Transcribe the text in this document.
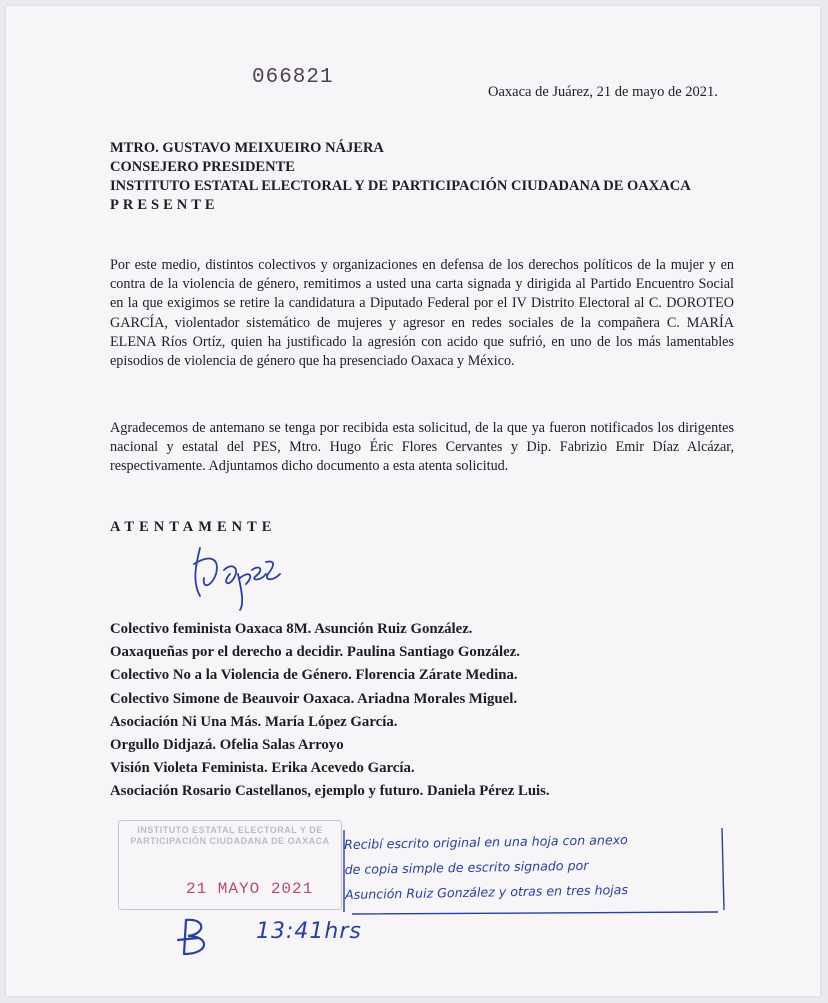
066821
Oaxaca de Juárez, 21 de mayo de 2021.
MTRO. GUSTAVO MEIXUEIRO NÁJERA
CONSEJERO PRESIDENTE
INSTITUTO ESTATAL ELECTORAL Y DE PARTICIPACIÓN CIUDADANA DE OAXACA
PRESENTE
Por este medio, distintos colectivos y organizaciones en defensa de los derechos políticos de la mujer y en contra de la violencia de género, remitimos a usted una carta signada y dirigida al Partido Encuentro Social en la que exigimos se retire la candidatura a Diputado Federal por el IV Distrito Electoral al C. DOROTEO GARCÍA, violentador sistemático de mujeres y agresor en redes sociales de la compañera C. MARÍA ELENA Ríos Ortíz, quien ha justificado la agresión con acido que sufrió, en uno de los más lamentables episodios de violencia de género que ha presenciado Oaxaca y México.
Agradecemos de antemano se tenga por recibida esta solicitud, de la que ya fueron notificados los dirigentes nacional y estatal del PES, Mtro. Hugo Éric Flores Cervantes y Dip. Fabrizio Emir Díaz Alcázar, respectivamente. Adjuntamos dicho documento a esta atenta solicitud.
ATENTAMENTE
Colectivo feminista Oaxaca 8M. Asunción Ruiz González.
Oaxaqueñas por el derecho a decidir. Paulina Santiago González.
Colectivo No a la Violencia de Género. Florencia Zárate Medina.
Colectivo Simone de Beauvoir Oaxaca. Ariadna Morales Miguel.
Asociación Ni Una Más. María López García.
Orgullo Didjazá. Ofelia Salas Arroyo
Visión Violeta Feminista. Erika Acevedo García.
Asociación Rosario Castellanos, ejemplo y futuro. Daniela Pérez Luis.
INSTITUTO ESTATAL ELECTORAL Y DE PARTICIPACIÓN CIUDADANA DE OAXACA
21 MAYO 2021
Recibí escrito original en una hoja con anexo
de copia simple de escrito signado por
Asunción Ruiz González y otras en tres hojas
13:41hrs
